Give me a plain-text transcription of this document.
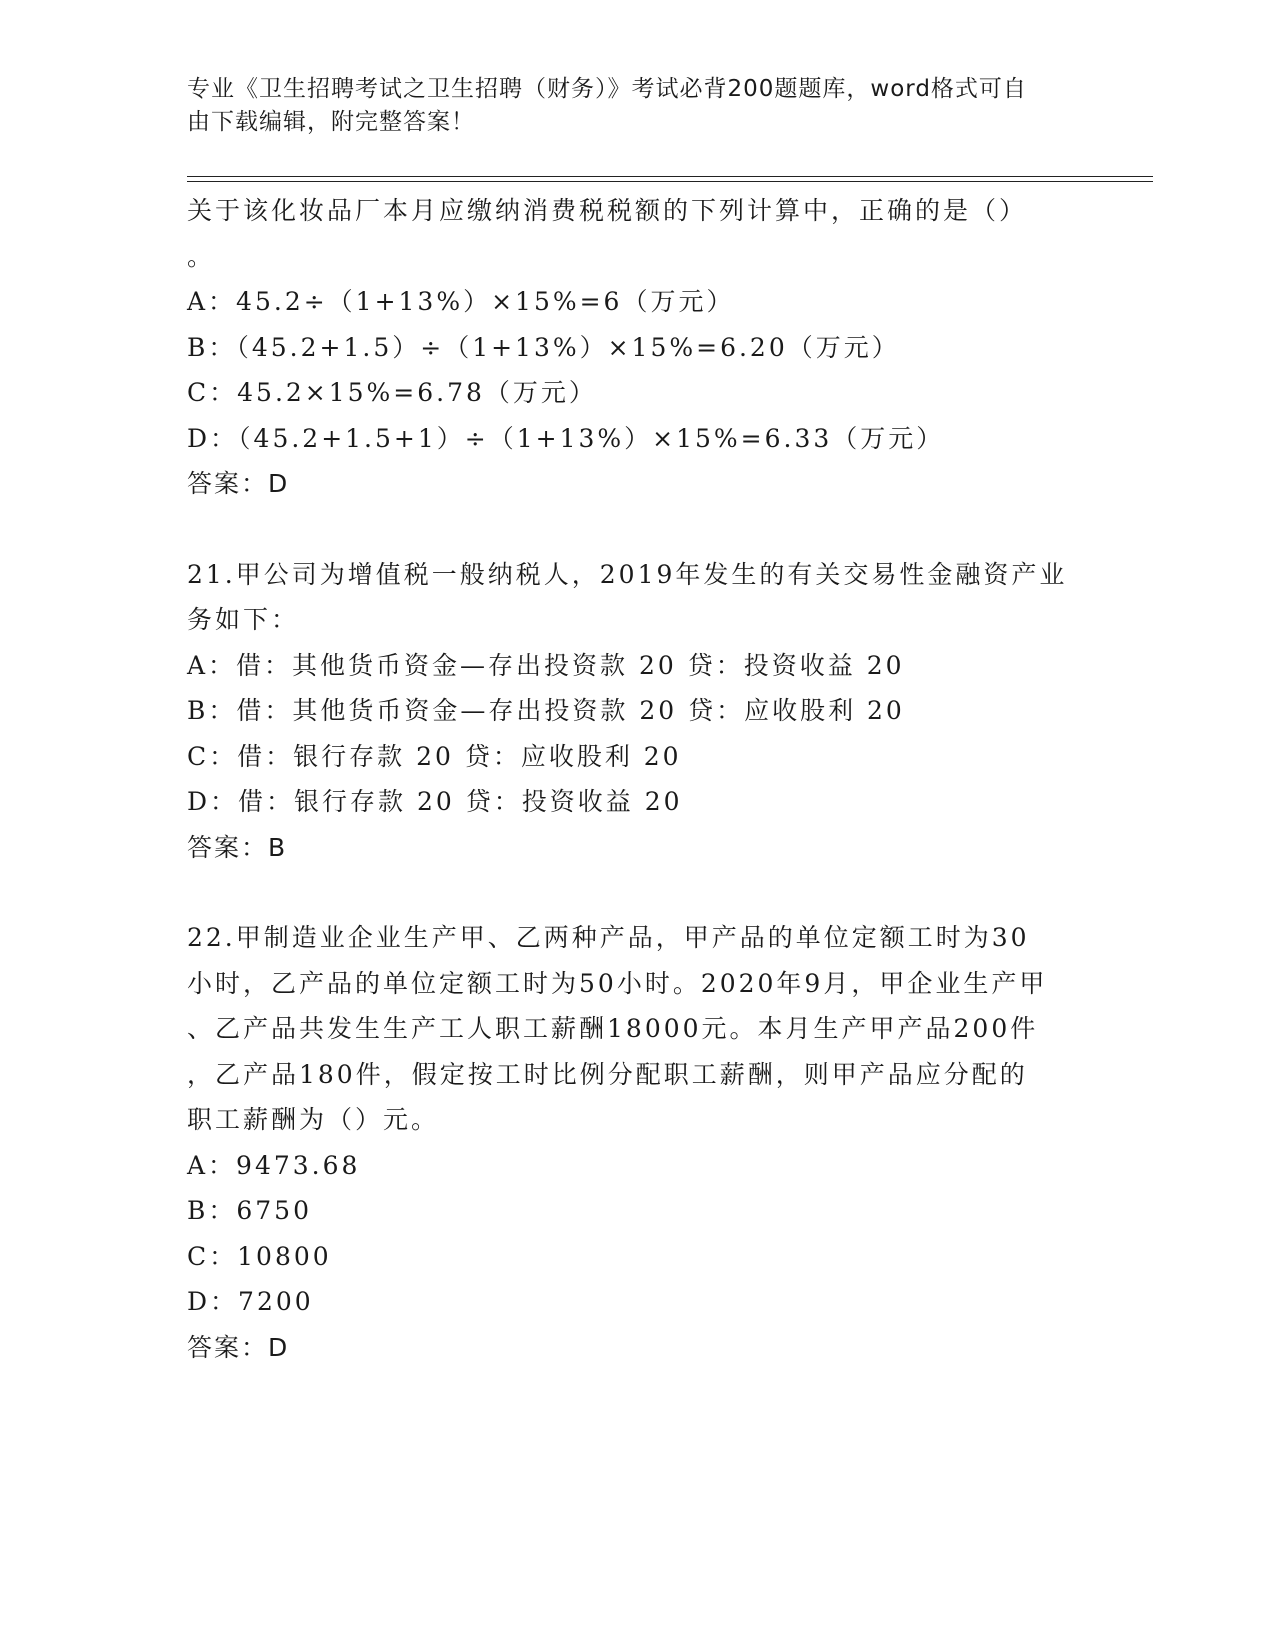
专业《卫生招聘考试之卫生招聘（财务）》考试必背200题题库，word格式可自
由下载编辑，附完整答案！
关于该化妆品厂本月应缴纳消费税税额的下列计算中，正确的是（）
。
A：45.2÷（1+13%）×15%=6（万元）
B：（45.2+1.5）÷（1+13%）×15%=6.20（万元）
C：45.2×15%=6.78（万元）
D：（45.2+1.5+1）÷（1+13%）×15%=6.33（万元）
答案：D
21.甲公司为增值税一般纳税人，2019年发生的有关交易性金融资产业
务如下：
A：借：其他货币资金—存出投资款 20 贷：投资收益 20
B：借：其他货币资金—存出投资款 20 贷：应收股利 20
C：借：银行存款 20 贷：应收股利 20
D：借：银行存款 20 贷：投资收益 20
答案：B
22.甲制造业企业生产甲、乙两种产品，甲产品的单位定额工时为30
小时，乙产品的单位定额工时为50小时。2020年9月，甲企业生产甲
、乙产品共发生生产工人职工薪酬18000元。本月生产甲产品200件
，乙产品180件，假定按工时比例分配职工薪酬，则甲产品应分配的
职工薪酬为（）元。
A：9473.68
B：6750
C：10800
D：7200
答案：D
